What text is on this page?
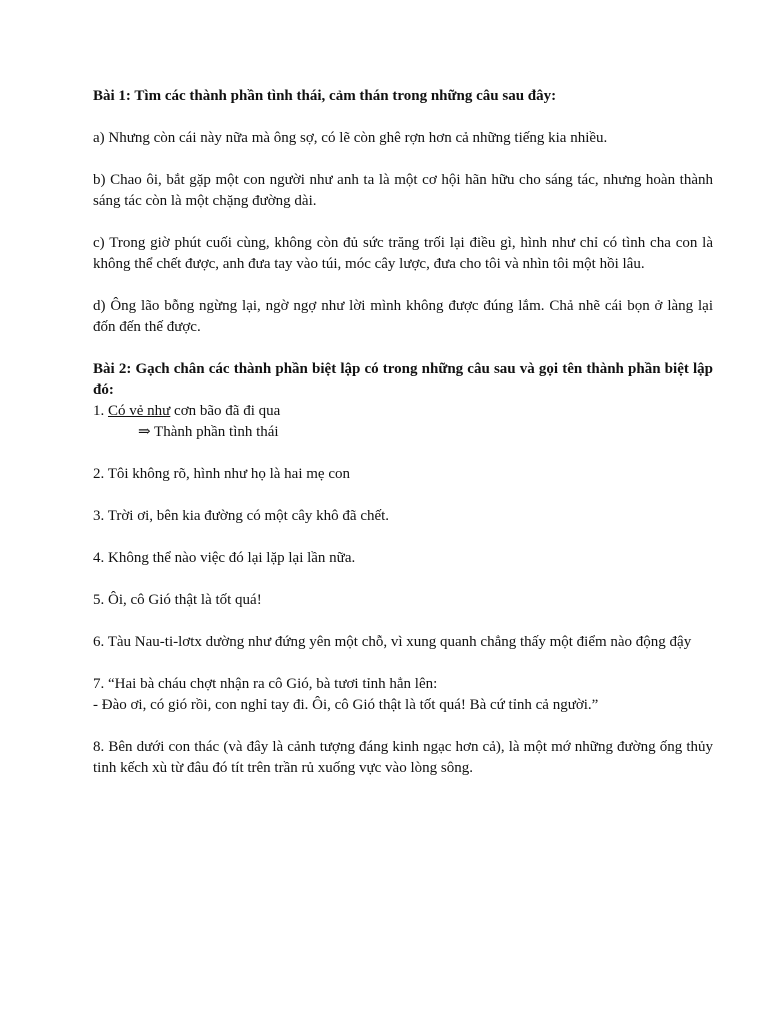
Bài 1: Tìm các thành phần tình thái, cảm thán trong những câu sau đây:

a) Nhưng còn cái này nữa mà ông sợ, có lẽ còn ghê rợn hơn cả những tiếng kia nhiều.

b) Chao ôi, bắt gặp một con người như anh ta là một cơ hội hãn hữu cho sáng tác, nhưng hoàn thành sáng tác còn là một chặng đường dài.

c) Trong giờ phút cuối cùng, không còn đủ sức trăng trối lại điều gì, hình như chỉ có tình cha con là không thể chết được, anh đưa tay vào túi, móc cây lược, đưa cho tôi và nhìn tôi một hồi lâu.

d) Ông lão bỗng ngừng lại, ngờ ngợ như lời mình không được đúng lắm. Chả nhẽ cái bọn ở làng lại đốn đến thế được.

Bài 2: Gạch chân các thành phần biệt lập có trong những câu sau và gọi tên thành phần biệt lập đó:

1. Có vẻ như cơn bão đã đi qua

⇒ Thành phần tình thái

2. Tôi không rõ, hình như họ là hai mẹ con

3. Trời ơi, bên kia đường có một cây khô đã chết.

4. Không thể nào việc đó lại lặp lại lần nữa.

5. Ôi, cô Gió thật là tốt quá!

6. Tàu Nau-ti-lơtx dường như đứng yên một chỗ, vì xung quanh chẳng thấy một điểm nào động đậy

7. “Hai bà cháu chợt nhận ra cô Gió, bà tươi tỉnh hẳn lên:

- Đào ơi, có gió rồi, con nghỉ tay đi. Ôi, cô Gió thật là tốt quá! Bà cứ tỉnh cả người.”

8. Bên dưới con thác (và đây là cảnh tượng đáng kinh ngạc hơn cả), là một mớ những đường ống thủy tinh kếch xù từ đâu đó tít trên trần rủ xuống vực vào lòng sông.
